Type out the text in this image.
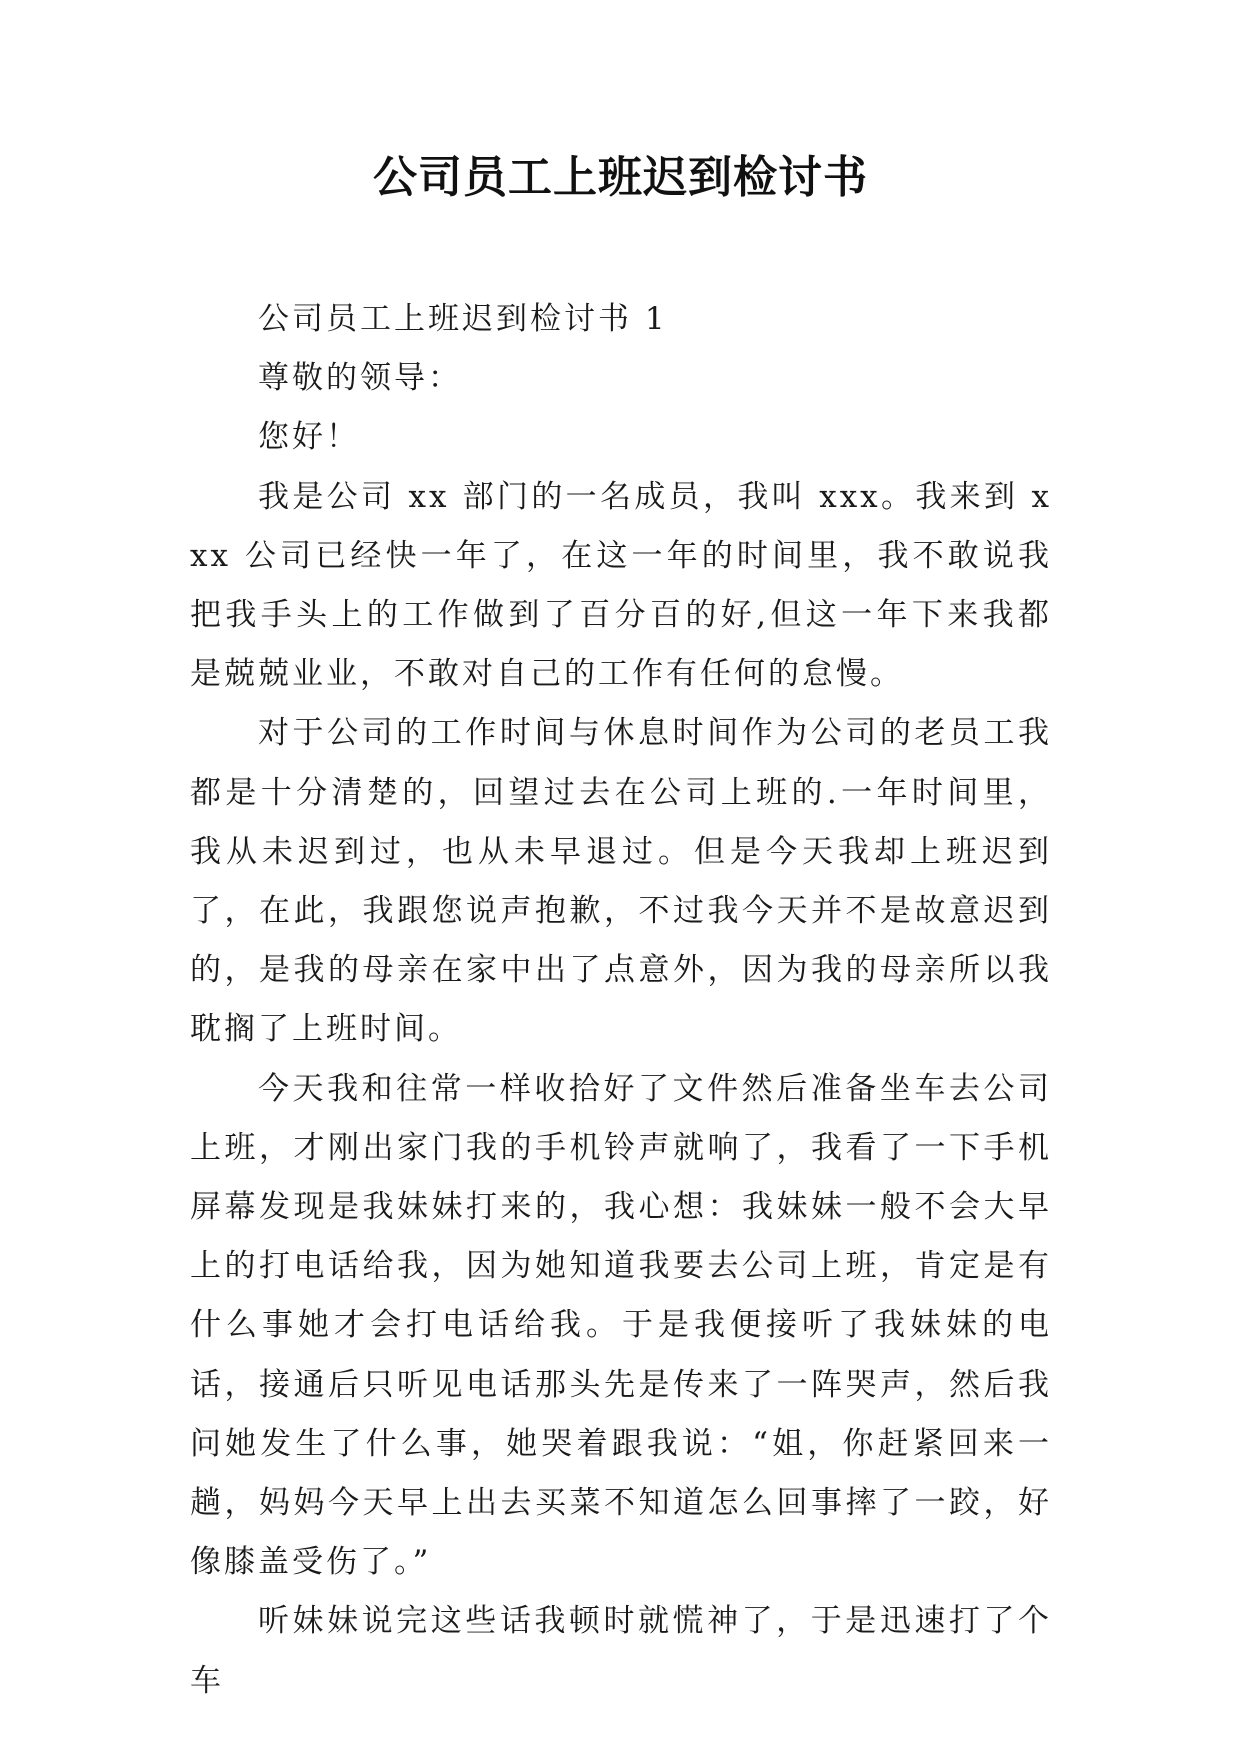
公司员工上班迟到检讨书

公司员工上班迟到检讨书 1

尊敬的领导：

您好！

我是公司 xx 部门的一名成员，我叫 xxx。我来到 xxx 公司已经快一年了，在这一年的时间里，我不敢说我把我手头上的工作做到了百分百的好,但这一年下来我都是兢兢业业，不敢对自己的工作有任何的怠慢。

对于公司的工作时间与休息时间作为公司的老员工我都是十分清楚的，回望过去在公司上班的.一年时间里，我从未迟到过，也从未早退过。但是今天我却上班迟到了，在此，我跟您说声抱歉，不过我今天并不是故意迟到的，是我的母亲在家中出了点意外，因为我的母亲所以我耽搁了上班时间。

今天我和往常一样收拾好了文件然后准备坐车去公司上班，才刚出家门我的手机铃声就响了，我看了一下手机屏幕发现是我妹妹打来的，我心想：我妹妹一般不会大早上的打电话给我，因为她知道我要去公司上班，肯定是有什么事她才会打电话给我。于是我便接听了我妹妹的电话，接通后只听见电话那头先是传来了一阵哭声，然后我问她发生了什么事，她哭着跟我说：“姐，你赶紧回来一趟，妈妈今天早上出去买菜不知道怎么回事摔了一跤，好像膝盖受伤了。”

听妹妹说完这些话我顿时就慌神了，于是迅速打了个车
